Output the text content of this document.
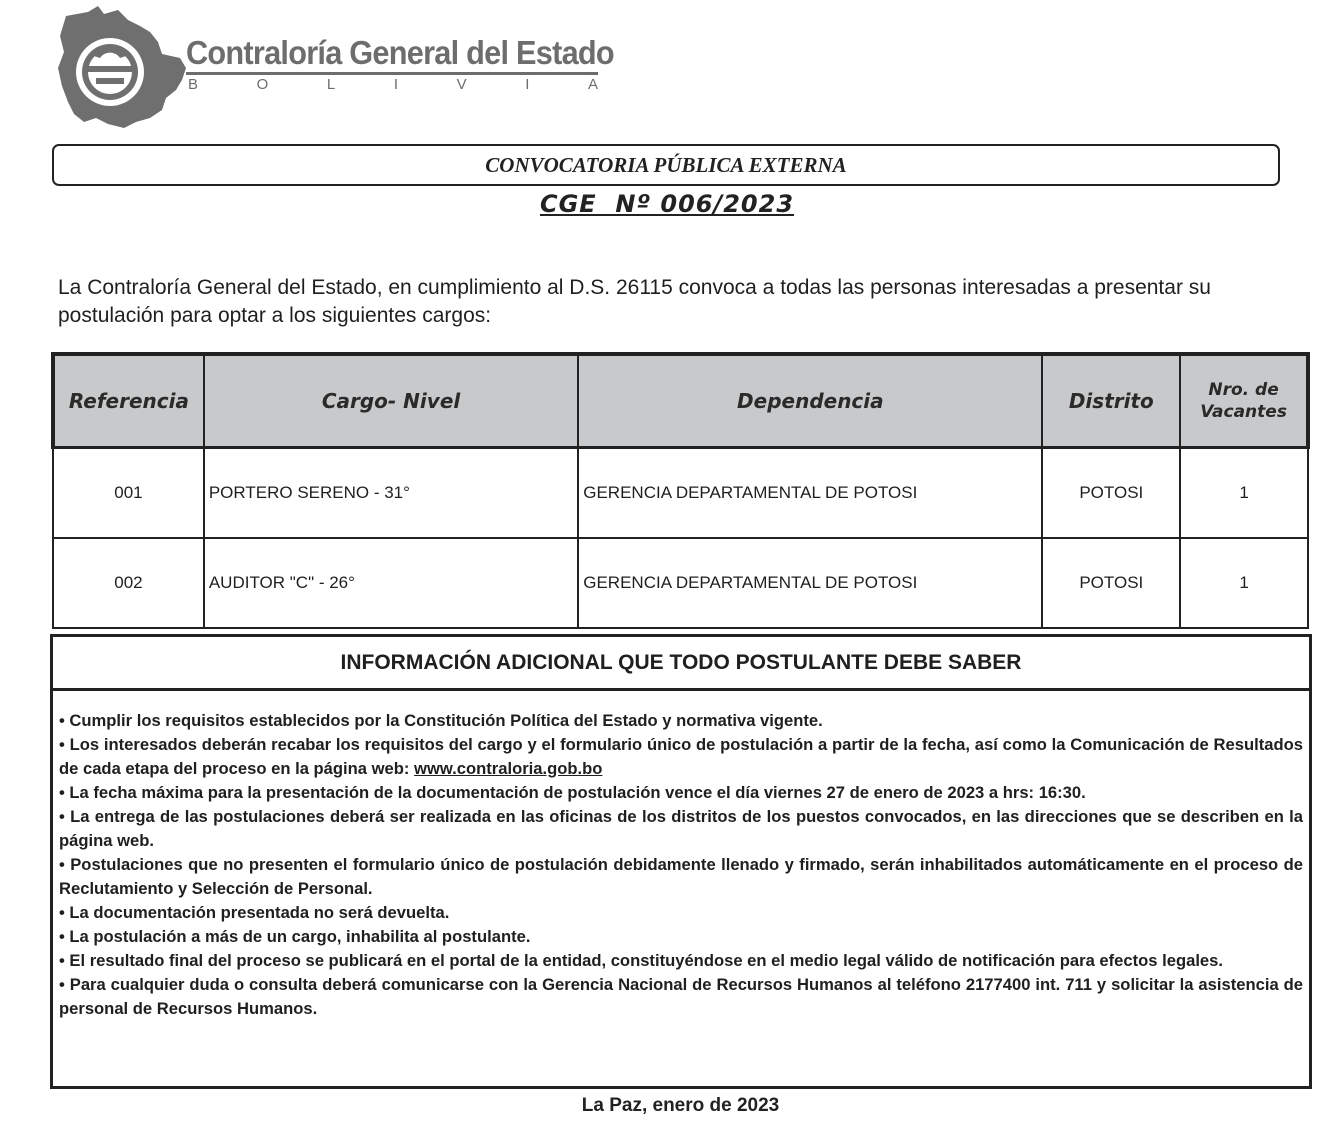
Contraloría General del Estado
B	O	L	I	V	I	A
CONVOCATORIA PÚBLICA EXTERNA
CGE  Nº 006/2023
La Contraloría General del Estado, en cumplimiento al D.S. 26115 convoca a todas las personas interesadas a presentar su postulación para optar a los siguientes cargos:
Referencia	Cargo- Nivel	Dependencia	Distrito	Nro. de Vacantes
001	PORTERO SERENO - 31°	GERENCIA DEPARTAMENTAL DE POTOSI	POTOSI	1
002	AUDITOR "C" - 26°	GERENCIA DEPARTAMENTAL DE POTOSI	POTOSI	1
INFORMACIÓN ADICIONAL QUE TODO POSTULANTE DEBE SABER

• Cumplir los requisitos establecidos por la Constitución Política del Estado y normativa vigente.

• Los interesados deberán recabar los requisitos del cargo y el formulario único de postulación a partir de la fecha, así como la Comunicación de Resultados de cada etapa del proceso en la página web: www.contraloria.gob.bo

• La fecha máxima para la presentación de la documentación de postulación vence el día viernes 27 de enero de 2023 a hrs: 16:30.

• La entrega de las postulaciones deberá ser realizada en las oficinas de los distritos de los puestos convocados, en las direcciones que se describen en la página web.

• Postulaciones que no presenten el formulario único de postulación debidamente llenado y firmado, serán inhabilitados automáticamente en el proceso de Reclutamiento y Selección de Personal.

• La documentación presentada no será devuelta.

• La postulación a más de un cargo, inhabilita al postulante.

• El resultado final del proceso se publicará en el portal de la entidad, constituyéndose en el medio legal válido de notificación para efectos legales.

• Para cualquier duda o consulta deberá comunicarse con la Gerencia Nacional de Recursos Humanos al teléfono 2177400 int. 711 y solicitar la asistencia de personal de Recursos Humanos.

La Paz, enero de 2023
